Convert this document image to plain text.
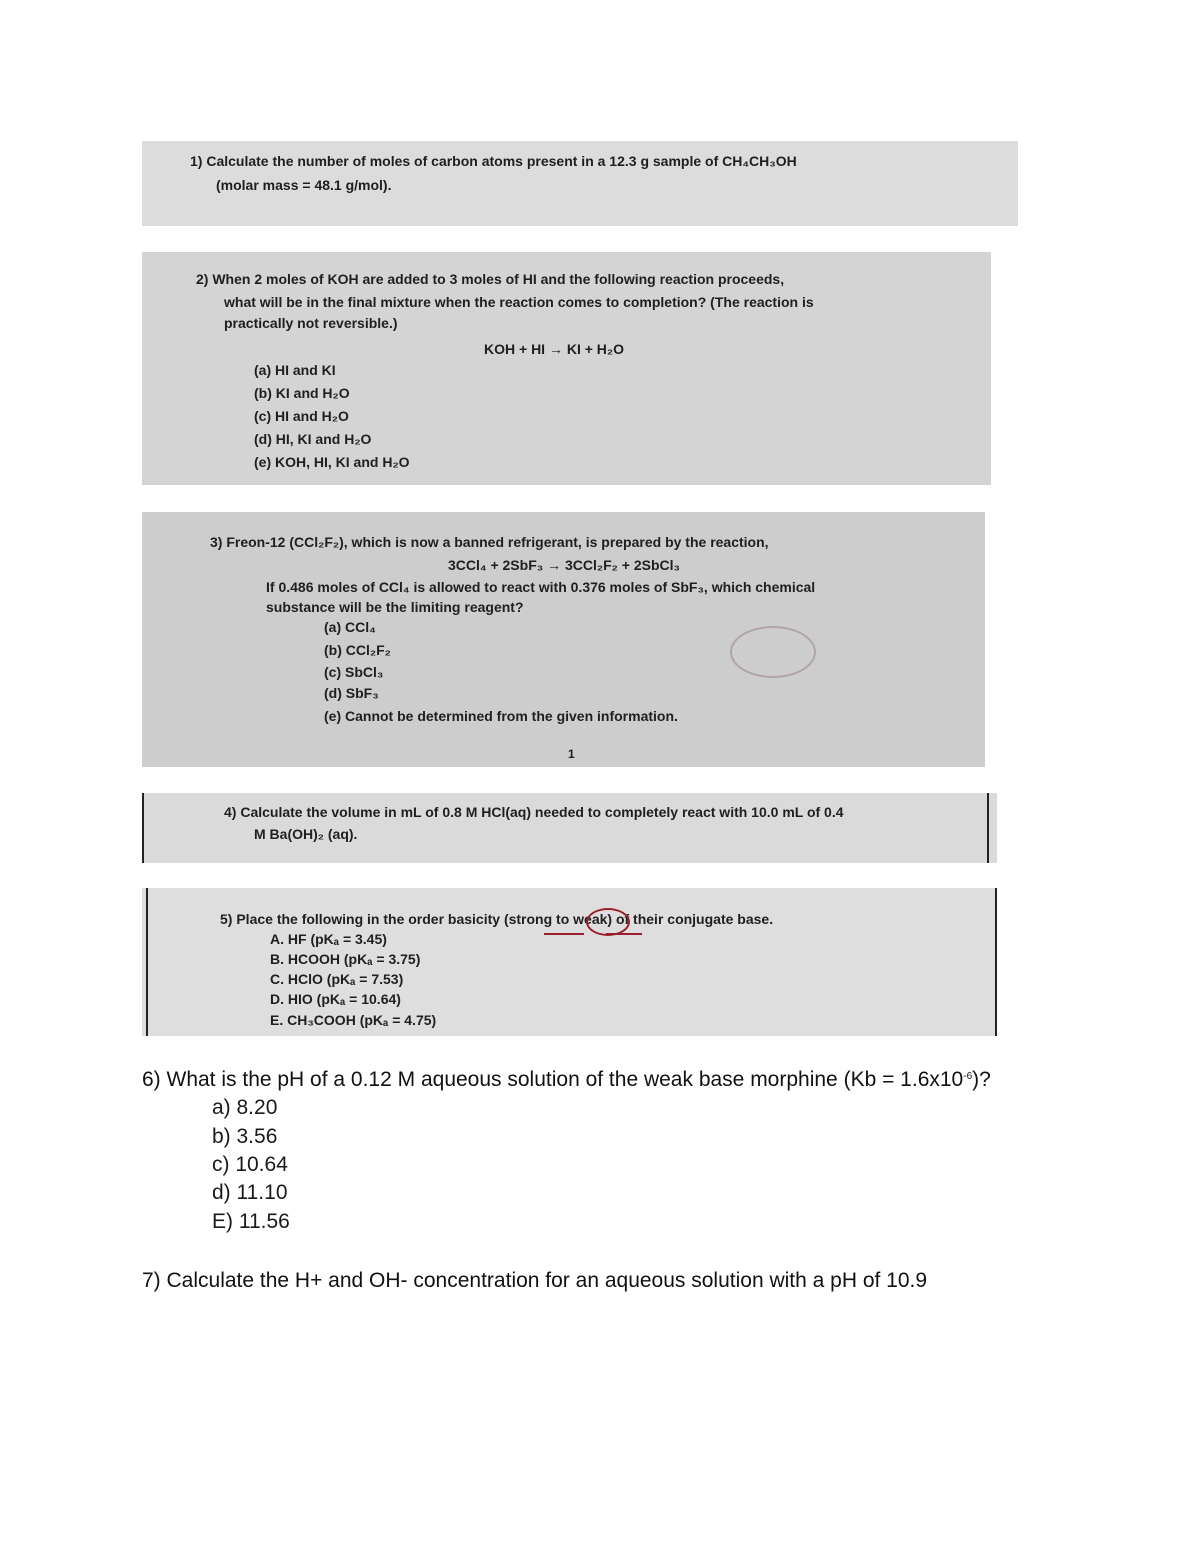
1) Calculate the number of moles of carbon atoms present in a 12.3 g sample of CH₄CH₃OH
(molar mass = 48.1 g/mol).
2) When 2 moles of KOH are added to 3 moles of HI and the following reaction proceeds,
what will be in the final mixture when the reaction comes to completion? (The reaction is
practically not reversible.)
KOH + HI → KI + H₂O
(a) HI and KI
(b) KI and H₂O
(c) HI and H₂O
(d) HI, KI and H₂O
(e) KOH, HI, KI and H₂O
3) Freon-12 (CCl₂F₂), which is now a banned refrigerant, is prepared by the reaction,
3CCl₄ + 2SbF₃ → 3CCl₂F₂ + 2SbCl₃
If 0.486 moles of CCl₄ is allowed to react with 0.376 moles of SbF₃, which chemical
substance will be the limiting reagent?
(a) CCl₄
(b) CCl₂F₂
(c) SbCl₃
(d) SbF₃
(e) Cannot be determined from the given information.
1
4) Calculate the volume in mL of 0.8 M HCl(aq) needed to completely react with 10.0 mL of 0.4
M Ba(OH)₂ (aq).
5) Place the following in the order basicity (strong to weak) of their conjugate base.
A. HF (pKₐ = 3.45)
B. HCOOH (pKₐ = 3.75)
C. HClO (pKₐ = 7.53)
D. HIO (pKₐ = 10.64)
E. CH₃COOH (pKₐ = 4.75)
6) What is the pH of a 0.12 M aqueous solution of the weak base morphine $(Kb = 1.6x10^{-6})$?
a) 8.20
b) 3.56
c) 10.64
d) 11.10
E) 11.56
7) Calculate the H+ and OH- concentration for an aqueous solution with a pH of 10.9
